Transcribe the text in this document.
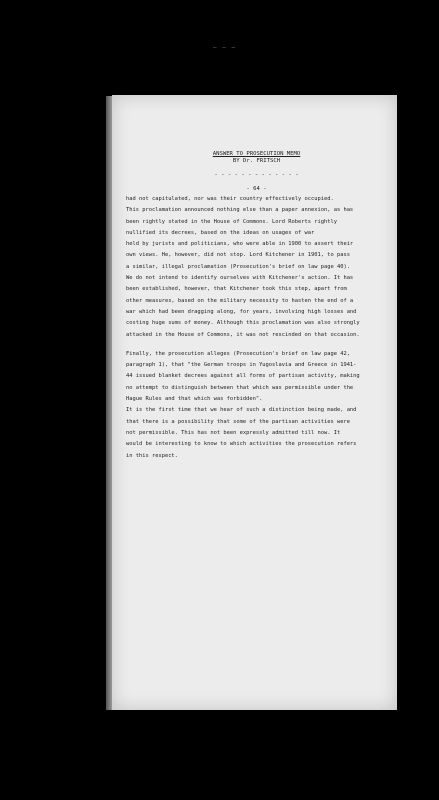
— — —
ANSWER TO PROSECUTION MEMO
BY Dr. FRITSCH
- - - - - - - - - - - - -
- 64 -
had not capitulated, nor was their country effectively occupied.
This proclamation announced nothing else than a paper annexion, as has
been rightly stated in the House of Commons. Lord Roberts rightly
nullified its decrees, based on the ideas on usages of war
held by jurists and politicians, who were able in 1900 to assert their
own views. He, however, did not stop. Lord Kitchener in 1901, to pass
a similar, illegal proclamation (Prosecution's brief on law page 40).
We do not intend to identify ourselves with Kitchener's action. It has
been established, however, that Kitchener took this step, apart from
other measures, based on the military necessity to hasten the end of a
war which had been dragging along, for years, involving high losses and
costing huge sums of money. Although this proclamation was also strongly
attacked in the House of Commons, it was not rescinded on that occasion.
Finally, the prosecution alleges (Prosecution's brief on law page 42,
paragraph 1), that "the German troops in Yugoslavia and Greece in 1941-
44 issued blanket decrees against all forms of partisan activity, making
no attempt to distinguish between that which was permissible under the
Hague Rules and that which was forbidden".
It is the first time that we hear of such a distinction being made, and
that there is a possibility that some of the partisan activities were
not permissible. This has not been expressly admitted till now. It
would be interesting to know to which activities the prosecution refers
in this respect.
